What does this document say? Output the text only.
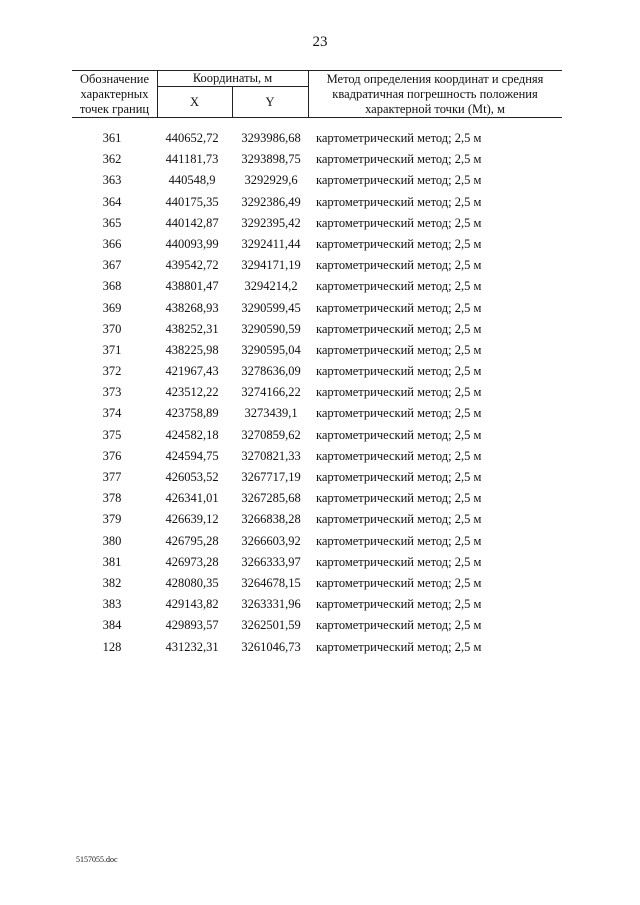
23
Обозначение
характерных
точек границ
Координаты, м
X	Y
Метод определения координат и средняя
квадратичная погрешность положения
характерной точки (Mt), м
361	440652,72	3293986,68	картометрический метод; 2,5 м
362	441181,73	3293898,75	картометрический метод; 2,5 м
363	440548,9	3292929,6	картометрический метод; 2,5 м
364	440175,35	3292386,49	картометрический метод; 2,5 м
365	440142,87	3292395,42	картометрический метод; 2,5 м
366	440093,99	3292411,44	картометрический метод; 2,5 м
367	439542,72	3294171,19	картометрический метод; 2,5 м
368	438801,47	3294214,2	картометрический метод; 2,5 м
369	438268,93	3290599,45	картометрический метод; 2,5 м
370	438252,31	3290590,59	картометрический метод; 2,5 м
371	438225,98	3290595,04	картометрический метод; 2,5 м
372	421967,43	3278636,09	картометрический метод; 2,5 м
373	423512,22	3274166,22	картометрический метод; 2,5 м
374	423758,89	3273439,1	картометрический метод; 2,5 м
375	424582,18	3270859,62	картометрический метод; 2,5 м
376	424594,75	3270821,33	картометрический метод; 2,5 м
377	426053,52	3267717,19	картометрический метод; 2,5 м
378	426341,01	3267285,68	картометрический метод; 2,5 м
379	426639,12	3266838,28	картометрический метод; 2,5 м
380	426795,28	3266603,92	картометрический метод; 2,5 м
381	426973,28	3266333,97	картометрический метод; 2,5 м
382	428080,35	3264678,15	картометрический метод; 2,5 м
383	429143,82	3263331,96	картометрический метод; 2,5 м
384	429893,57	3262501,59	картометрический метод; 2,5 м
128	431232,31	3261046,73	картометрический метод; 2,5 м
5157055.doc
